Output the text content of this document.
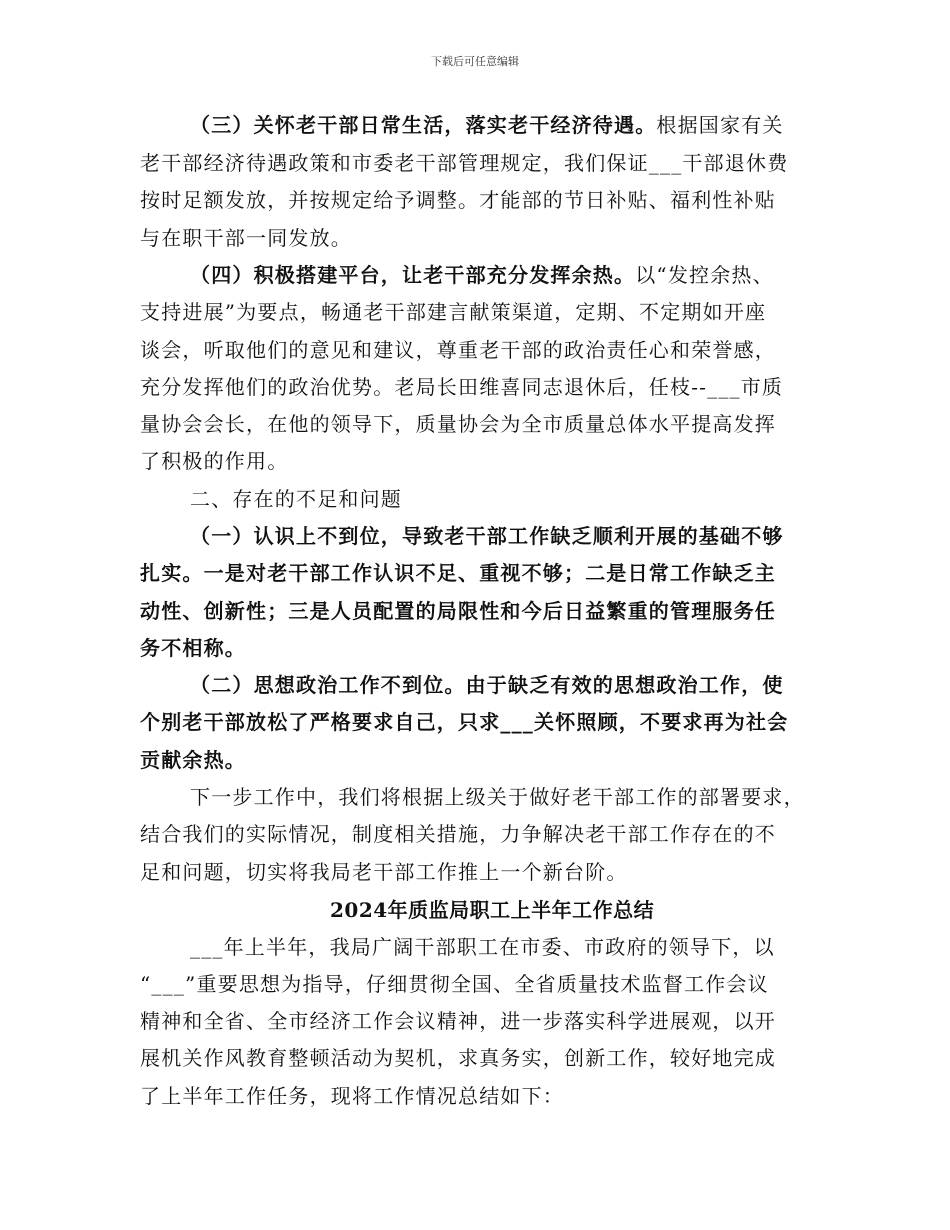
下载后可任意编辑
（三）关怀老干部日常生活，落实老干经济待遇。根据国家有关
老干部经济待遇政策和市委老干部管理规定，我们保证___干部退休费
按时足额发放，并按规定给予调整。才能部的节日补贴、福利性补贴
与在职干部一同发放。
（四）积极搭建平台，让老干部充分发挥余热。以“发控余热、
支持进展”为要点，畅通老干部建言献策渠道，定期、不定期如开座
谈会，听取他们的意见和建议，尊重老干部的政治责任心和荣誉感，
充分发挥他们的政治优势。老局长田维喜同志退休后，任枝--___市质
量协会会长，在他的领导下，质量协会为全市质量总体水平提高发挥
了积极的作用。
二、存在的不足和问题
（一）认识上不到位，导致老干部工作缺乏顺利开展的基础不够
扎实。一是对老干部工作认识不足、重视不够；二是日常工作缺乏主
动性、创新性；三是人员配置的局限性和今后日益繁重的管理服务任
务不相称。
（二）思想政治工作不到位。由于缺乏有效的思想政治工作，使
个别老干部放松了严格要求自己，只求___关怀照顾，不要求再为社会
贡献余热。
下一步工作中，我们将根据上级关于做好老干部工作的部署要求，
结合我们的实际情况，制度相关措施，力争解决老干部工作存在的不
足和问题，切实将我局老干部工作推上一个新台阶。
2024年质监局职工上半年工作总结
___年上半年，我局广阔干部职工在市委、市政府的领导下，以
“___”重要思想为指导，仔细贯彻全国、全省质量技术监督工作会议
精神和全省、全市经济工作会议精神，进一步落实科学进展观，以开
展机关作风教育整顿活动为契机，求真务实，创新工作，较好地完成
了上半年工作任务，现将工作情况总结如下：
